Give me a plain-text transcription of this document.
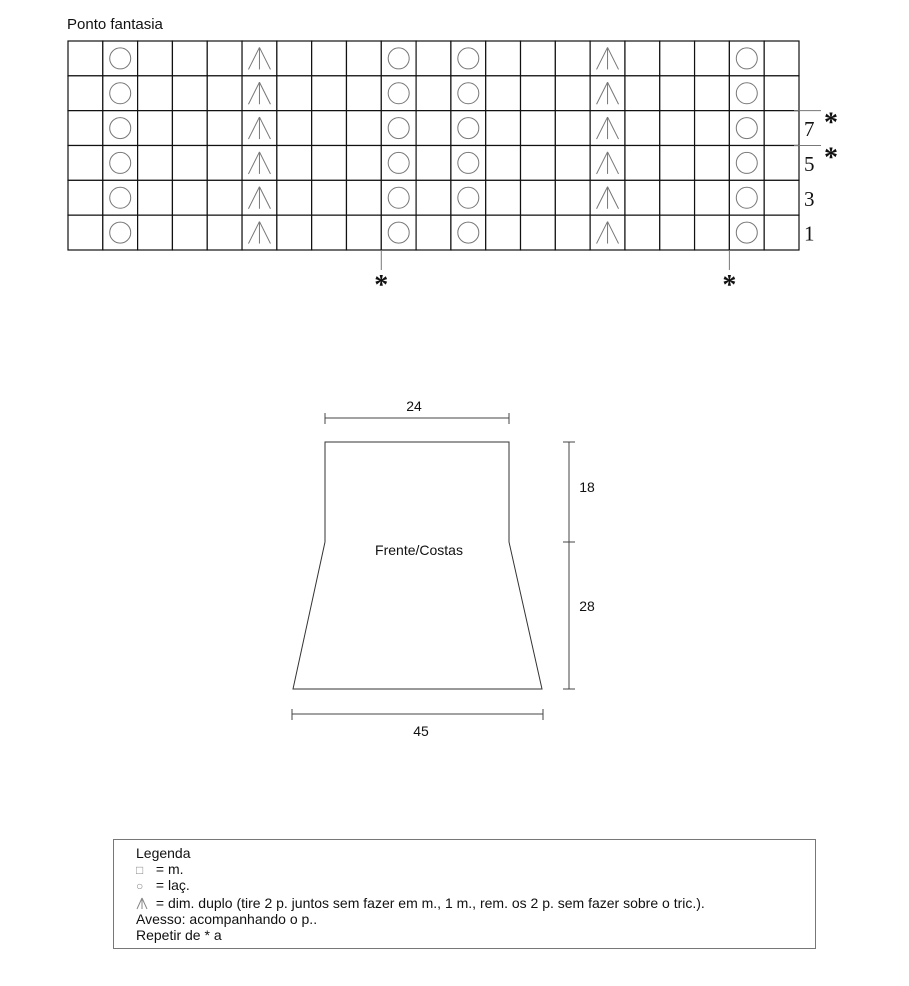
Ponto fantasia
7
5
3
1
*	*
*
*
24
45
18
28
Frente/Costas
Legenda
□ = m.
○ = laç.
= dim. duplo (tire 2 p. juntos sem fazer em m., 1 m., rem. os 2 p. sem fazer sobre o tric.).
Avesso: acompanhando o p..
Repetir de * a
